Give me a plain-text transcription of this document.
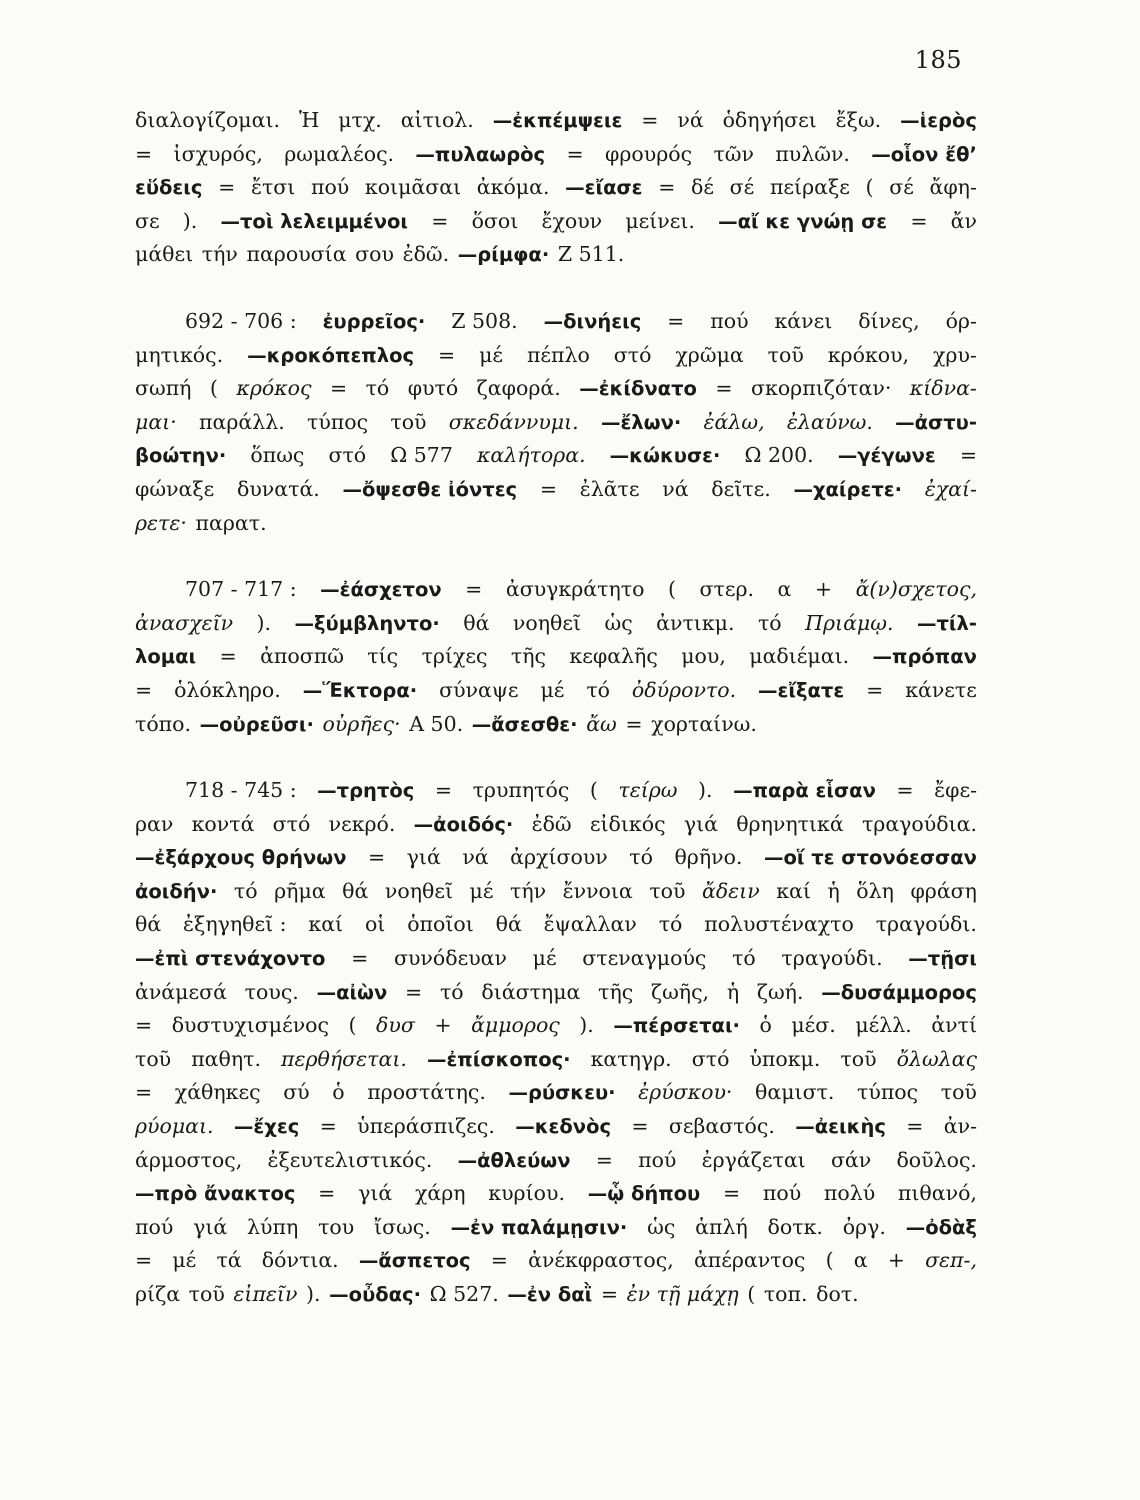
185
διαλογίζομαι. Ἡ μτχ. αἰτιολ. —ἐκπέμψειε = νά ὁδηγήσει ἔξω. —ἱερὸς
= ἰσχυρός, ρωμαλέος. —πυλαωρὸς = φρουρός τῶν πυλῶν. —οἷον ἔθ’
εὕδεις = ἔτσι πού κοιμᾶσαι ἀκόμα. —εἴασε = δέ σέ πείραξε ( σέ ἄφη-
σε ). —τοὶ λελειμμένοι = ὅσοι ἔχουν μείνει. —αἴ κε γνώῃ σε = ἄν
μάθει τήν παρουσία σου ἐδῶ. —ρίμφα· Ζ 511.
692 - 706 : ἐυρρεῖος· Ζ 508. —δινήεις = πού κάνει δίνες, όρ-
μητικός. —κροκόπεπλος = μέ πέπλο στό χρῶμα τοῦ κρόκου, χρυ-
σωπή ( κρόκος = τό φυτό ζαφορά. —ἐκίδνατο = σκορπιζόταν· κίδνα-
μαι· παράλλ. τύπος τοῦ σκεδάννυμι. —ἔλων· ἐάλω, ἐλαύνω. —ἀστυ-
βοώτην· ὅπως στό Ω 577 καλήτορα. —κώκυσε· Ω 200. —γέγωνε =
φώναξε δυνατά. —ὄψεσθε ἰόντες = ἐλᾶτε νά δεῖτε. —χαίρετε· ἐχαί-
ρετε· παρατ.
707 - 717 : —ἐάσχετον = ἀσυγκράτητο ( στερ. α + ἄ(ν)σχετος,
ἀνασχεῖν ). —ξύμβληντο· θά νοηθεῖ ὡς ἀντικμ. τό Πριάμῳ. —τίλ-
λομαι = ἀποσπῶ τίς τρίχες τῆς κεφαλῆς μου, μαδιέμαι. —πρόπαν
= ὁλόκληρο. —Ἕκτορα· σύναψε μέ τό ὀδύροντο. —εἴξατε = κάνετε
τόπο. —οὐρεῦσι· οὐρῆες· Α 50. —ἄσεσθε· ἄω = χορταίνω.
718 - 745 : —τρητὸς = τρυπητός ( τείρω ). —παρὰ εἷσαν = ἔφε-
ραν κοντά στό νεκρό. —ἀοιδός· ἐδῶ εἰδικός γιά θρηνητικά τραγούδια.
—ἐξάρχους θρήνων = γιά νά ἀρχίσουν τό θρῆνο. —οἵ τε στονόεσσαν
ἀοιδήν· τό ρῆμα θά νοηθεῖ μέ τήν ἔννοια τοῦ ἄδειν καί ἡ ὅλη φράση
θά ἐξηγηθεῖ : καί οἱ ὁποῖοι θά ἔψαλλαν τό πολυστέναχτο τραγούδι.
—ἐπὶ στενάχοντο = συνόδευαν μέ στεναγμούς τό τραγούδι. —τῇσι
ἀνάμεσά τους. —αἰὼν = τό διάστημα τῆς ζωῆς, ἡ ζωή. —δυσάμμορος
= δυστυχισμένος ( δυσ + ἄμμορος ). —πέρσεται· ὁ μέσ. μέλλ. ἀντί
τοῦ παθητ. περθήσεται. —ἐπίσκοπος· κατηγρ. στό ὑποκμ. τοῦ ὄλωλας
= χάθηκες σύ ὁ προστάτης. —ρύσκευ· ἐρύσκου· θαμιστ. τύπος τοῦ
ρύομαι. —ἔχες = ὑπεράσπιζες. —κεδνὸς = σεβαστός. —ἀεικὴς = ἀν-
άρμοστος, ἐξευτελιστικός. —ἀθλεύων = πού ἐργάζεται σάν δοῦλος.
—πρὸ ἄνακτος = γιά χάρη κυρίου. —ᾧ δήπου = πού πολύ πιθανό,
πού γιά λύπη του ἴσως. —ἐν παλάμῃσιν· ὡς ἁπλή δοτκ. ὀργ. —ὀδὰξ
= μέ τά δόντια. —ἄσπετος = ἀνέκφραστος, ἀπέραντος ( α + σεπ-,
ρίζα τοῦ εἰπεῖν ). —οὖδας· Ω 527. —ἐν δαῒ = ἐν τῇ μάχῃ ( τοπ. δοτ.
